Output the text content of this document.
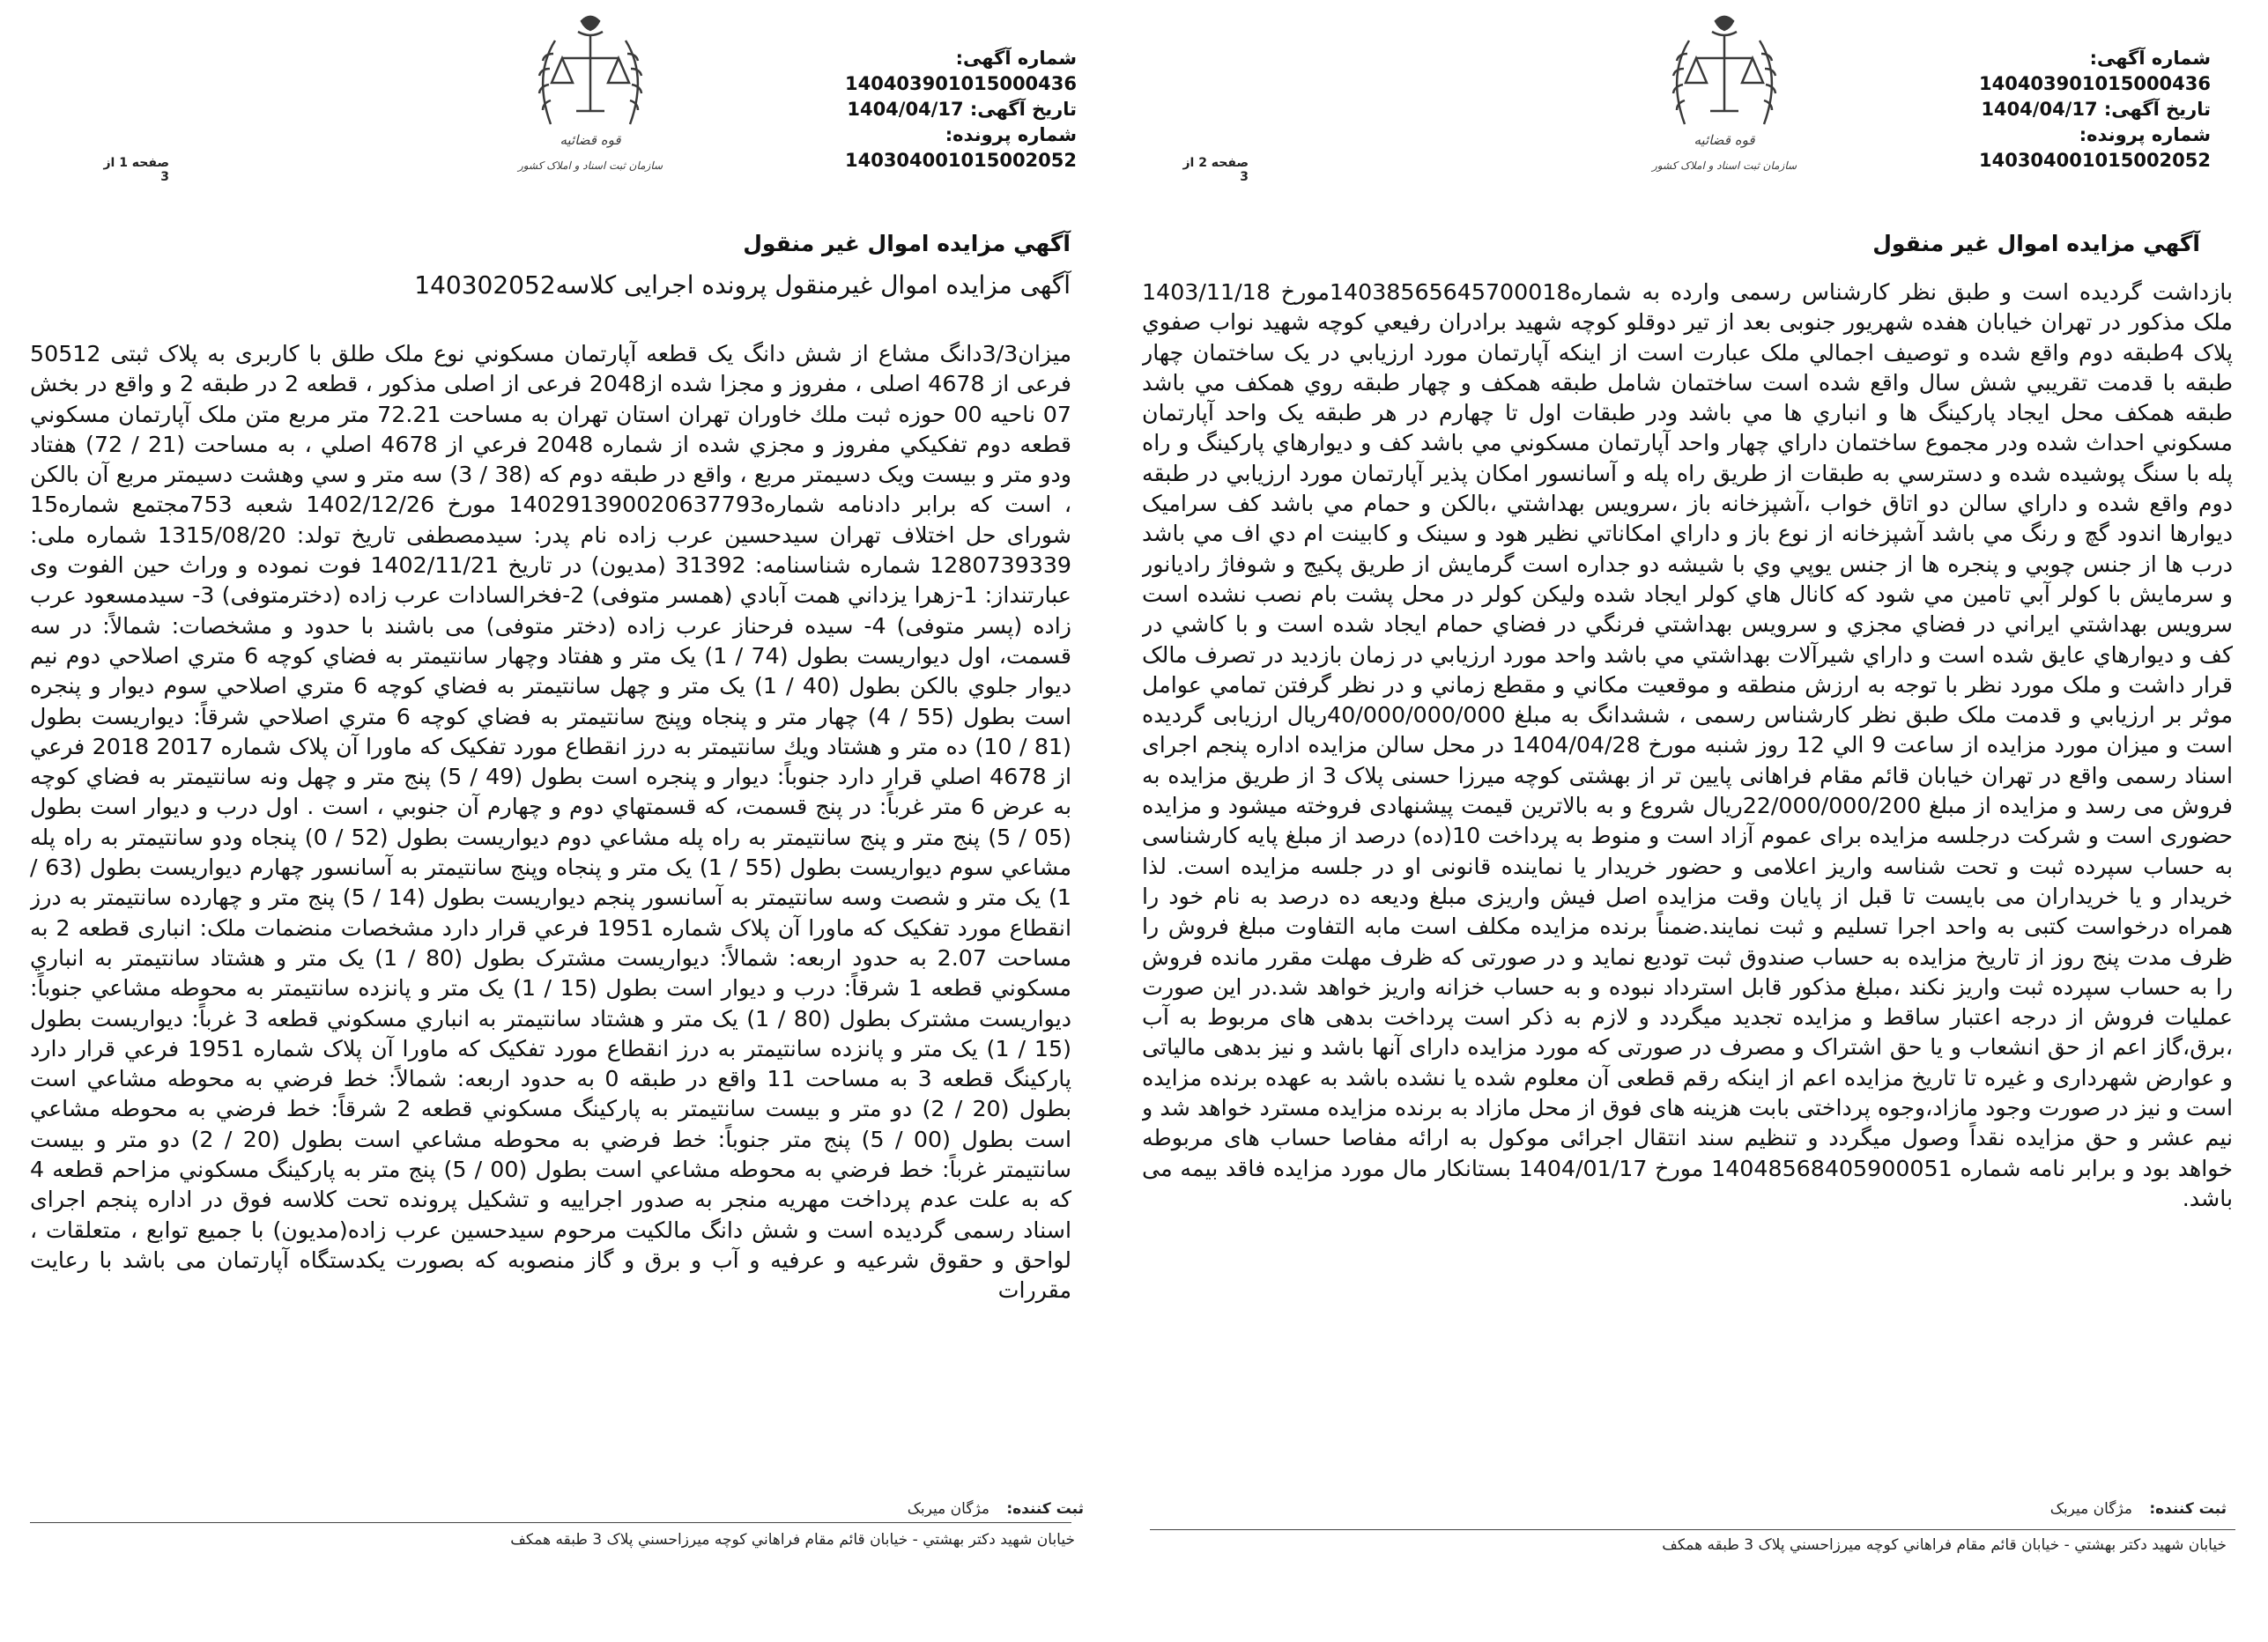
شماره آگهی: 140403901015000436
تاریخ آگهی: 1404/04/17
شماره پرونده: 140304001015002052
قوه قضائیه
سازمان ثبت اسناد و املاک کشور
صفحه 1 از 3
آگهي مزايده اموال غير منقول
آگهی مزایده اموال غیرمنقول پرونده اجرایی کلاسه140302052

میزان3/3دانگ مشاع از شش دانگ یک قطعه آپارتمان مسكوني نوع ملک طلق با کاربری به پلاک ثبتی 50512 فرعی از 4678 اصلی ، مفروز و مجزا شده از2048 فرعی از اصلی مذکور ، قطعه 2 در طبقه 2 و واقع در بخش 07 ناحیه 00 حوزه ثبت ملك خاوران تهران استان تهران به مساحت 72.21 متر مربع متن ملک آپارتمان مسكوني قطعه دوم تفكيكي مفروز و مجزي شده از شماره 2048 فرعي از 4678 اصلي ، به مساحت (21 / 72) هفتاد ودو متر و بيست ويک دسيمتر مربع ، واقع در طبقه دوم كه (38 / 3) سه متر و سي وهشت دسيمتر مربع آن بالكن ، است كه برابر دادنامه شماره140291390020637793 مورخ 1402/12/26 شعبه 753مجتمع شماره15 شورای حل اختلاف تهران سیدحسین عرب زاده نام پدر: سیدمصطفی تاریخ تولد: 1315/08/20 شماره ملی: 1280739339 شماره شناسنامه: 31392 (مدیون) در تاریخ 1402/11/21 فوت نموده و وراث حین الفوت وی عبارتنداز: 1-زهرا يزداني همت آبادي (همسر متوفی) 2-فخرالسادات عرب زاده (دخترمتوفی) 3- سیدمسعود عرب زاده (پسر متوفی) 4- سیده فرحناز عرب زاده (دختر متوفی) می باشند با حدود و مشخصات: شمالاً: در سه قسمت، اول ديواريست بطول (74 / 1) يک متر و هفتاد وچهار سانتيمتر به فضاي كوچه 6 متري اصلاحي دوم نيم ديوار جلوي بالكن بطول (40 / 1) يک متر و چهل سانتيمتر به فضاي كوچه 6 متري اصلاحي سوم ديوار و پنجره است بطول (55 / 4) چهار متر و پنجاه وپنج سانتيمتر به فضاي كوچه 6 متري اصلاحي شرقاً: ديواريست بطول (81 / 10) ده متر و هشتاد ويك سانتيمتر به درز انقطاع مورد تفكيک كه ماورا آن پلاک شماره 2017 2018 فرعي از 4678 اصلي قرار دارد جنوباً: ديوار و پنجره است بطول (49 / 5) پنج متر و چهل ونه سانتيمتر به فضاي كوچه به عرض 6 متر غرباً: در پنج قسمت، كه قسمتهاي دوم و چهارم آن جنوبي ، است . اول درب و ديوار است بطول (05 / 5) پنج متر و پنج سانتيمتر به راه پله مشاعي دوم ديواريست بطول (52 / 0) پنجاه ودو سانتيمتر به راه پله مشاعي سوم ديواريست بطول (55 / 1) يک متر و پنجاه وپنج سانتيمتر به آسانسور چهارم ديواريست بطول (63 / 1) يک متر و شصت وسه سانتيمتر به آسانسور پنجم ديواريست بطول (14 / 5) پنج متر و چهارده سانتيمتر به درز انقطاع مورد تفكيک كه ماورا آن پلاک شماره 1951 فرعي قرار دارد مشخصات منضمات ملک: انباری قطعه 2 به مساحت 2.07 به حدود اربعه: شمالاً: ديواريست مشترک بطول (80 / 1) يک متر و هشتاد سانتيمتر به انباري مسكوني قطعه 1 شرقاً: درب و ديوار است بطول (15 / 1) يک متر و پانزده سانتيمتر به محوطه مشاعي جنوباً: ديواريست مشترک بطول (80 / 1) يک متر و هشتاد سانتيمتر به انباري مسكوني قطعه 3 غرباً: ديواريست بطول (15 / 1) يک متر و پانزده سانتيمتر به درز انقطاع مورد تفكيک كه ماورا آن پلاک شماره 1951 فرعي قرار دارد پاركينگ قطعه 3 به مساحت 11 واقع در طبقه 0 به حدود اربعه: شمالاً: خط فرضي به محوطه مشاعي است بطول (20 / 2) دو متر و بيست سانتيمتر به پاركينگ مسكوني قطعه 2 شرقاً: خط فرضي به محوطه مشاعي است بطول (00 / 5) پنج متر جنوباً: خط فرضي به محوطه مشاعي است بطول (20 / 2) دو متر و بيست سانتيمتر غرباً: خط فرضي به محوطه مشاعي است بطول (00 / 5) پنج متر به پاركينگ مسكوني مزاحم قطعه 4 كه به علت عدم پرداخت مهریه منجر به صدور اجراییه و تشکیل پرونده تحت کلاسه فوق در اداره پنجم اجرای اسناد رسمی گردیده است و شش دانگ مالکیت مرحوم سیدحسین عرب زاده(مدیون) با جمیع توابع ، متعلقات ، لواحق و حقوق شرعیه و عرفیه و آب و برق و گاز منصوبه که بصورت یکدستگاه آپارتمان می باشد با رعایت مقررات

ثبت کننده: مژگان میربک
خیابان شهيد دكتر بهشتي - خيابان قائم مقام فراهاني كوچه ميرزاحسني پلاک 3 طبقه همكف
شماره آگهی: 140403901015000436
تاریخ آگهی: 1404/04/17
شماره پرونده: 140304001015002052
قوه قضائیه
سازمان ثبت اسناد و املاک کشور
صفحه 2 از 3
آگهي مزايده اموال غير منقول

بازداشت گردیده است و طبق نظر کارشناس رسمی وارده به شماره14038565645700018مورخ 1403/11/18 ملک مذکور در تهران خیابان هفده شهریور جنوبی بعد از تیر دوقلو کوچه شهید برادران رفیعي كوچه شهيد نواب صفوي پلاک 4طبقه دوم واقع شده و توصيف اجمالي ملک عبارت است از اينكه آپارتمان مورد ارزيابي در يک ساختمان چهار طبقه با قدمت تقريبي شش سال واقع شده است ساختمان شامل طبقه همكف و چهار طبقه روي همكف مي باشد طبقه همكف محل ايجاد پاركينگ ها و انباري ها مي باشد ودر طبقات اول تا چهارم در هر طبقه يک واحد آپارتمان مسكوني احداث شده ودر مجموع ساختمان داراي چهار واحد آپارتمان مسكوني مي باشد كف و ديوارهاي پاركينگ و راه پله با سنگ پوشيده شده و دسترسي به طبقات از طريق راه پله و آسانسور امكان پذير آپارتمان مورد ارزيابي در طبقه دوم واقع شده و داراي سالن دو اتاق خواب ،آشپزخانه باز ،سرويس بهداشتي ،بالكن و حمام مي باشد كف سراميک ديوارها اندود گچ و رنگ مي باشد آشپزخانه از نوع باز و داراي امكاناتي نظير هود و سينک و كابينت ام دي اف مي باشد درب ها از جنس چوبي و پنجره ها از جنس يوپي وي با شيشه دو جداره است گرمايش از طريق پكيج و شوفاژ راديانور و سرمايش با كولر آبي تامين مي شود كه كانال هاي كولر ايجاد شده وليكن كولر در محل پشت بام نصب نشده است سرويس بهداشتي ايراني در فضاي مجزي و سرويس بهداشتي فرنگي در فضاي حمام ايجاد شده است و با كاشي در كف و ديوارهاي عايق شده است و داراي شيرآلات بهداشتي مي باشد واحد مورد ارزيابي در زمان بازديد در تصرف مالک قرار داشت و ملک مورد نظر با توجه به ارزش منطقه و موقعيت مكاني و مقطع زماني و در نظر گرفتن تمامي عوامل موثر بر ارزيابي و قدمت ملک طبق نظر كارشناس رسمی ، ششدانگ به مبلغ 40/000/000/000ریال ارزیابی گردیده است و میزان مورد مزایده از ساعت 9 الي 12 روز شنبه مورخ 1404/04/28 در محل سالن مزایده اداره پنجم اجرای اسناد رسمی واقع در تهران خیابان قائم مقام فراهانی پایین تر از بهشتی کوچه میرزا حسنی پلاک 3 از طریق مزایده به فروش می رسد و مزایده از مبلغ 22/000/000/200ریال شروع و به بالاترین قیمت پیشنهادی فروخته میشود و مزایده حضوری است و شرکت درجلسه مزایده برای عموم آزاد است و منوط به پرداخت 10(ده) درصد از مبلغ پایه کارشناسی به حساب سپرده ثبت و تحت شناسه واریز اعلامی و حضور خریدار یا نماینده قانونی او در جلسه مزایده است. لذا خریدار و یا خریداران می بایست تا قبل از پایان وقت مزایده اصل فیش واریزی مبلغ ودیعه ده درصد به نام خود را همراه درخواست کتبی به واحد اجرا تسلیم و ثبت نمایند.ضمناً برنده مزایده مکلف است مابه التفاوت مبلغ فروش را ظرف مدت پنج روز از تاریخ مزایده به حساب صندوق ثبت تودیع نماید و در صورتی که ظرف مهلت مقرر مانده فروش را به حساب سپرده ثبت واریز نکند ،مبلغ مذکور قابل استرداد نبوده و به حساب خزانه واریز خواهد شد.در این صورت عملیات فروش از درجه اعتبار ساقط و مزایده تجدید میگردد و لازم به ذکر است پرداخت بدهی های مربوط به آب ،برق،گاز اعم از حق انشعاب و یا حق اشتراک و مصرف در صورتی که مورد مزایده دارای آنها باشد و نیز بدهی مالیاتی و عوارض شهرداری و غیره تا تاریخ مزایده اعم از اینکه رقم قطعی آن معلوم شده یا نشده باشد به عهده برنده مزایده است و نیز در صورت وجود مازاد،وجوه پرداختی بابت هزینه های فوق از محل مازاد به برنده مزایده مسترد خواهد شد و نیم عشر و حق مزایده نقداً وصول میگردد و تنظیم سند انتقال اجرائی موکول به ارائه مفاصا حساب های مربوطه خواهد بود و برابر نامه شماره 14048568405900051 مورخ 1404/01/17 بستانکار مال مورد مزایده فاقد بیمه می باشد.

ثبت کننده: مژگان میربک
خیابان شهيد دكتر بهشتي - خيابان قائم مقام فراهاني كوچه ميرزاحسني پلاک 3 طبقه همكف
